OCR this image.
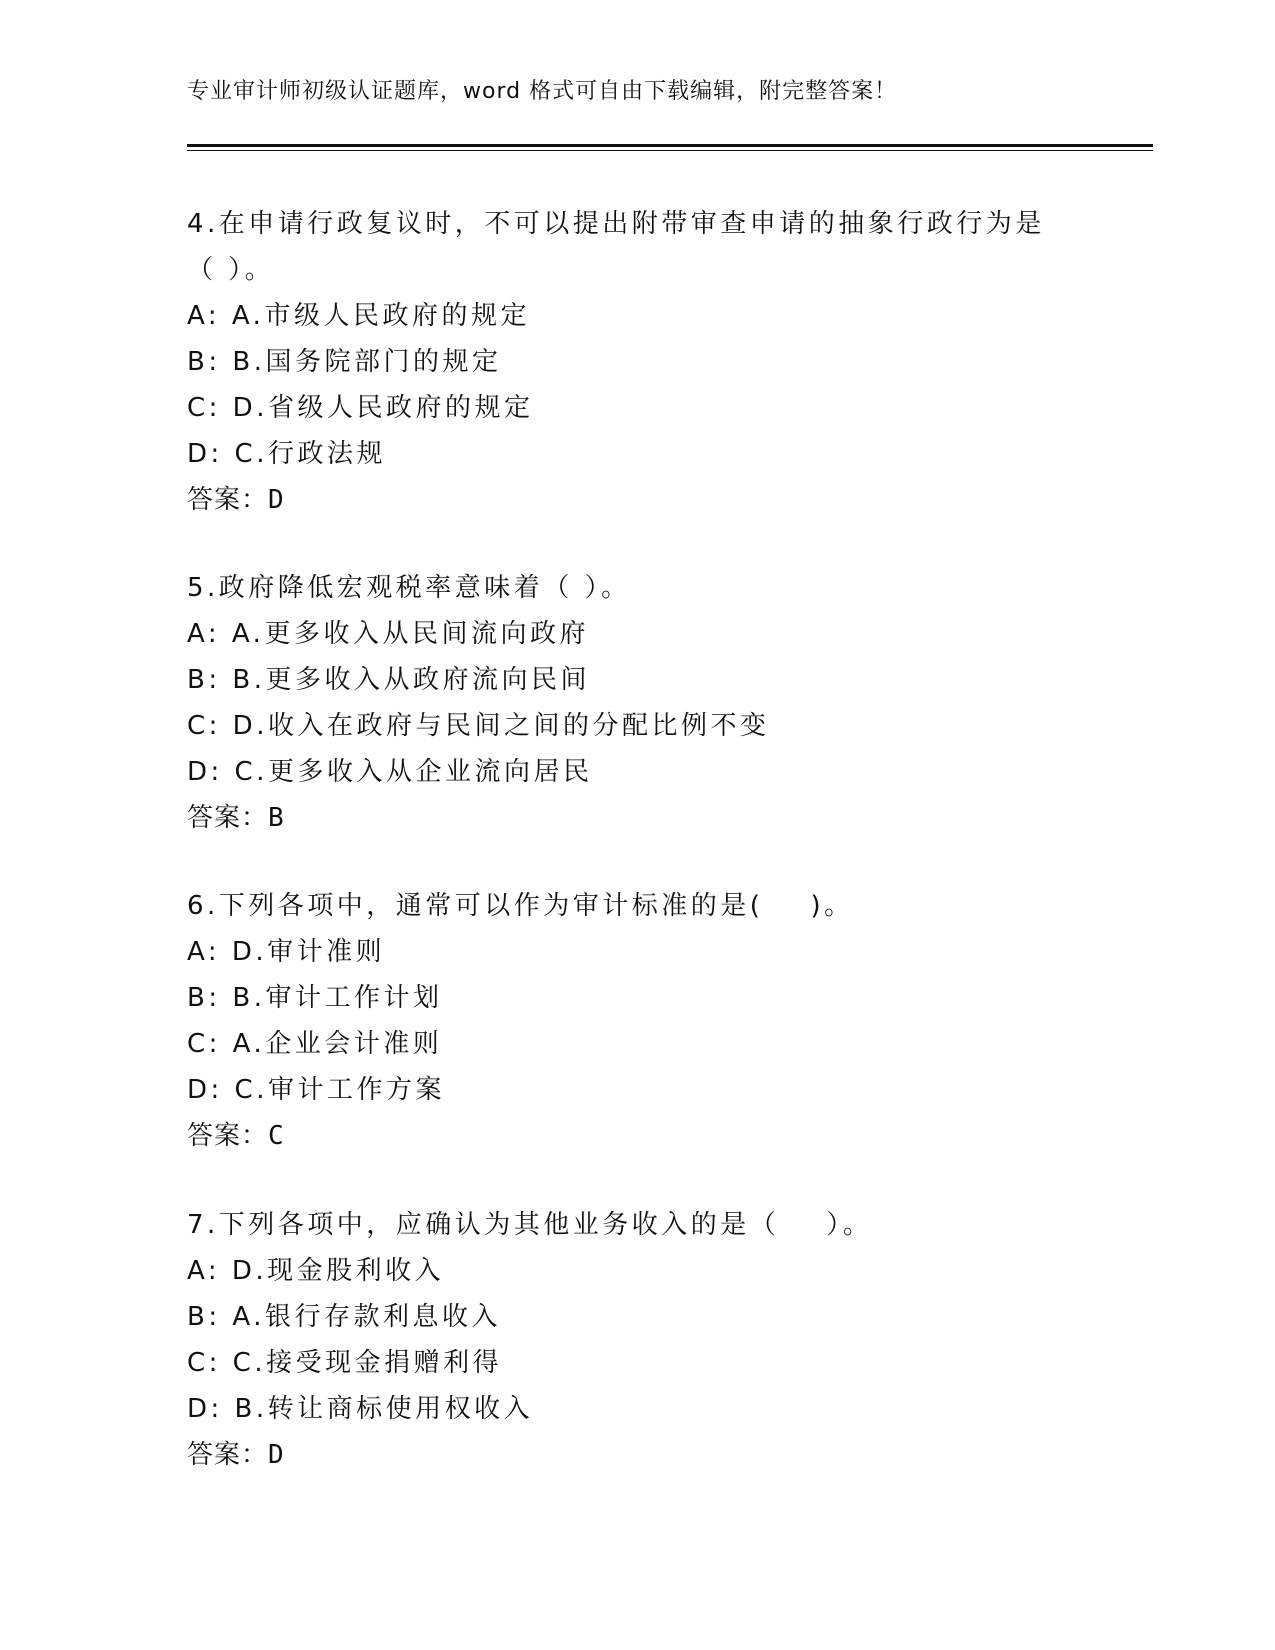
专业审计师初级认证题库，word 格式可自由下载编辑，附完整答案！
4.在申请行政复议时，不可以提出附带审查申请的抽象行政行为是（ ）。
A: A.市级人民政府的规定
B: B.国务院部门的规定
C: D.省级人民政府的规定
D: C.行政法规
答案：D
5.政府降低宏观税率意味着（ ）。
A: A.更多收入从民间流向政府
B: B.更多收入从政府流向民间
C: D.收入在政府与民间之间的分配比例不变
D: C.更多收入从企业流向居民
答案：B
6.下列各项中，通常可以作为审计标准的是(    )。
A: D.审计准则
B: B.审计工作计划
C: A.企业会计准则
D: C.审计工作方案
答案：C
7.下列各项中，应确认为其他业务收入的是（    ）。
A: D.现金股利收入
B: A.银行存款利息收入
C: C.接受现金捐赠利得
D: B.转让商标使用权收入
答案：D
